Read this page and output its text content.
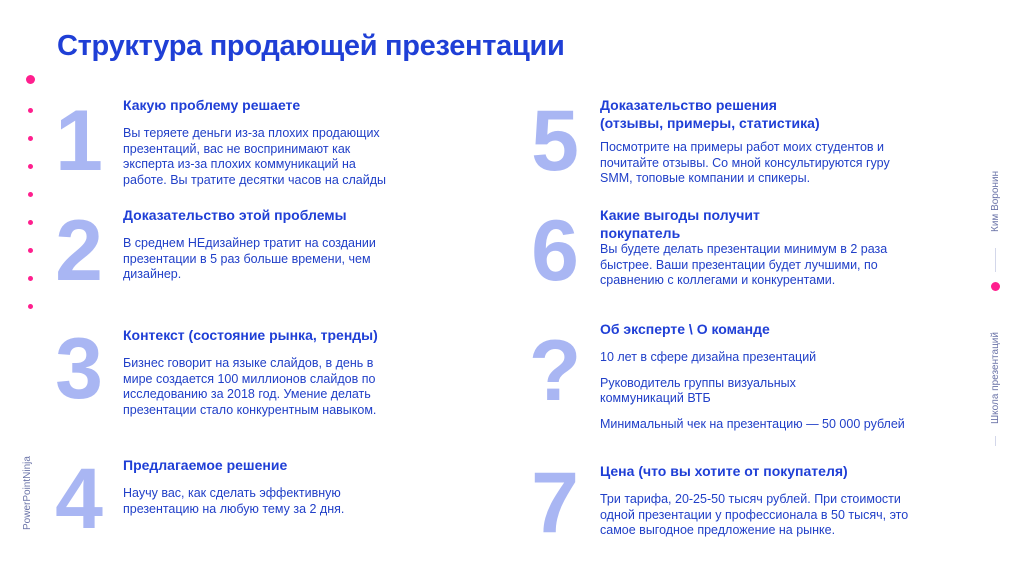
Структура продающей презентации
PowerPointNinja
Ким Воронин
Школа презентаций
1	Какую проблему решаете

Вы теряете деньги из-за плохих продающих презентаций, вас не воспринимают как эксперта из-за плохих коммуникаций на работе. Вы тратите десятки часов на слайды

2	Доказательство этой проблемы

В среднем НЕдизайнер тратит на создании презентации в 5 раз больше времени, чем дизайнер.

3	Контекст (состояние рынка, тренды)

Бизнес говорит на языке слайдов, в день в мире создается 100 миллионов слайдов по исследованию за 2018 год. Умение делать презентации стало конкурентным навыком.

4	Предлагаемое решение

Научу вас, как сделать эффективную презентацию на любую тему за 2 дня.

5	Доказательство решения (отзывы, примеры, статистика)

Посмотрите на примеры работ моих студентов и почитайте отзывы. Со мной консультируются гуру SMM, топовые компании и спикеры.

6	Какие выгоды получит покупатель

Вы будете делать презентации минимум в 2 раза быстрее. Ваши презентации будет лучшими, по сравнению с коллегами и конкурентами.

?	Об эксперте \ О команде

10 лет в сфере дизайна презентаций

Руководитель группы визуальных коммуникаций ВТБ

Минимальный чек на презентацию — 50 000 рублей

7	Цена (что вы хотите от покупателя)

Три тарифа, 20-25-50 тысяч рублей. При стоимости одной презентации у профессионала в 50 тысяч, это самое выгодное предложение на рынке.
